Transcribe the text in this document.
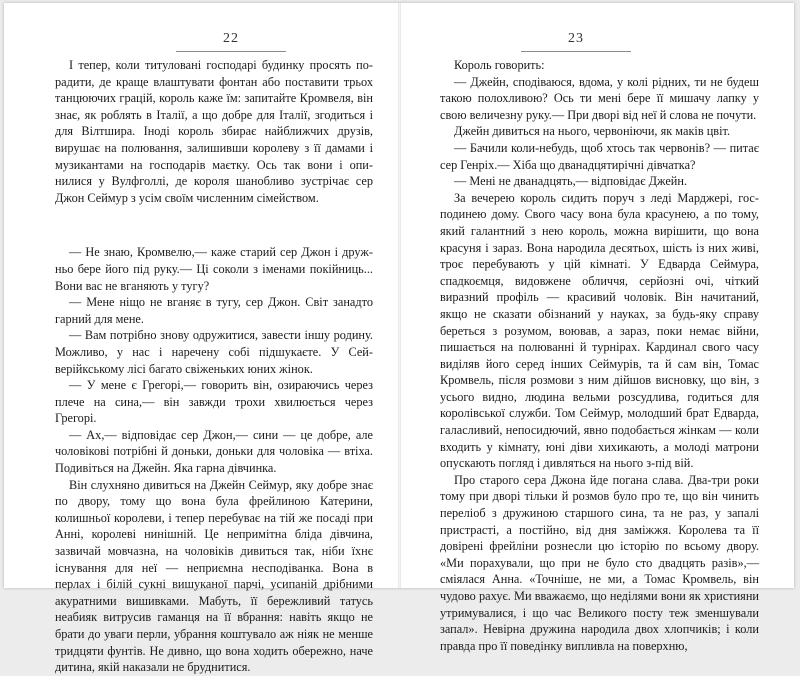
22

І тепер, коли титуловані господарі будинку просять порадити, де краще влаштувати фонтан або поставити трьох танцюючих грацій, король каже їм: запитайте Кромвеля, він знає, як роблять в Італії, а що добре для Італії, згодиться і для Вілтшира. Іноді король збирає найближчих друзів, вирушає на полювання, залишивши королеву з її дамами і музикантами на господарів маєтку. Ось так вони і опинилися у Вулфголлі, де короля шанобливо зустрічає сер Джон Сеймур з усім своїм численним сімейством.

— Не знаю, Кромвелю,— каже старий сер Джон і дружньо бере його під руку.— Ці соколи з іменами покійниць... Вони вас не вганяють у тугу?

— Мене ніщо не вганяє в тугу, сер Джон. Світ занадто гарний для мене.

— Вам потрібно знову одружитися, завести іншу родину. Можливо, у нас і наречену собі підшукаєте. У Сейверійкському лісі багато свіженьких юних жінок.

— У мене є Грегорі,— говорить він, озираючись через плече на сина,— він завжди трохи хвилюється через Грегорі.

— Ах,— відповідає сер Джон,— сини — це добре, але чоловікові потрібні й доньки, доньки для чоловіка — втіха. Подивіться на Джейн. Яка гарна дівчинка.

Він слухняно дивиться на Джейн Сеймур, яку добре знає по двору, тому що вона була фрейлиною Катерини, колишньої королеви, і тепер перебуває на тій же посаді при Анні, королеві нинішній. Це непримітна бліда дівчина, зазвичай мовчазна, на чоловіків дивиться так, ніби їхнє існування для неї — неприємна несподіванка. Вона в перлах і білій сукні вишуканої парчі, усипаній дрібними акуратними вишивками. Мабуть, її бережливий татусь неабияк витрусив гаманця на її вбрання: навіть якщо не брати до уваги перли, убрання коштувало аж ніяк не менше тридцяти фунтів. Не дивно, що вона ходить обережно, наче дитина, якій наказали не бруднитися.

23

Король говорить:

— Джейн, сподіваюся, вдома, у колі рідних, ти не будеш такою полохливою? Ось ти мені бере її мишачу лапку у свою величезну руку.— При дворі від неї й слова не почути.

Джейн дивиться на нього, червоніючи, як маків цвіт.

— Бачили коли-небудь, щоб хтось так червонів? — питає сер Генріх.— Хіба що дванадцятирічні дівчатка?

— Мені не дванадцять,— відповідає Джейн.

За вечерею король сидить поруч з леді Марджері, господинею дому. Свого часу вона була красунею, а по тому, який галантний з нею король, можна вирішити, що вона красуня і зараз. Вона народила десятьох, шість із них живі, троє перебувають у цій кімнаті. У Едварда Сеймура, спадкоємця, видовжене обличчя, серйозні очі, чіткий виразний профіль — красивий чоловік. Він начитаний, якщо не сказати обізнаний у науках, за будь-яку справу береться з розумом, воював, а зараз, поки немає війни, пишається на полюванні й турнірах. Кардинал свого часу виділяв його серед інших Сеймурів, та й сам він, Томас Кромвель, після розмови з ним дійшов висновку, що він, з усього видно, людина вельми розсудлива, годиться для королівської служби. Том Сеймур, молодший брат Едварда, галасливий, непосидючий, явно подобається жінкам — коли входить у кімнату, юні діви хихикають, а молоді матрони опускають погляд і дивляться на нього з-під вій.

Про старого сера Джона йде погана слава. Два-три роки тому при дворі тільки й розмов було про те, що він чинить переліоб з дружиною старшого сина, та не раз, у запалі пристрасті, а постійно, від дня заміжжя. Королева та її довірені фрейліни рознесли цю історію по всьому двору. «Ми порахували, що при не було сто двадцять разів»,— сміялася Анна. «Точніше, не ми, а Томас Кромвель, він чудово рахує. Ми вважаємо, що неділями вони як християни утримувалися, і що час Великого посту теж зменшували запал». Невірна дружина народила двох хлопчиків; і коли правда про її поведінку випливла на поверхню,
